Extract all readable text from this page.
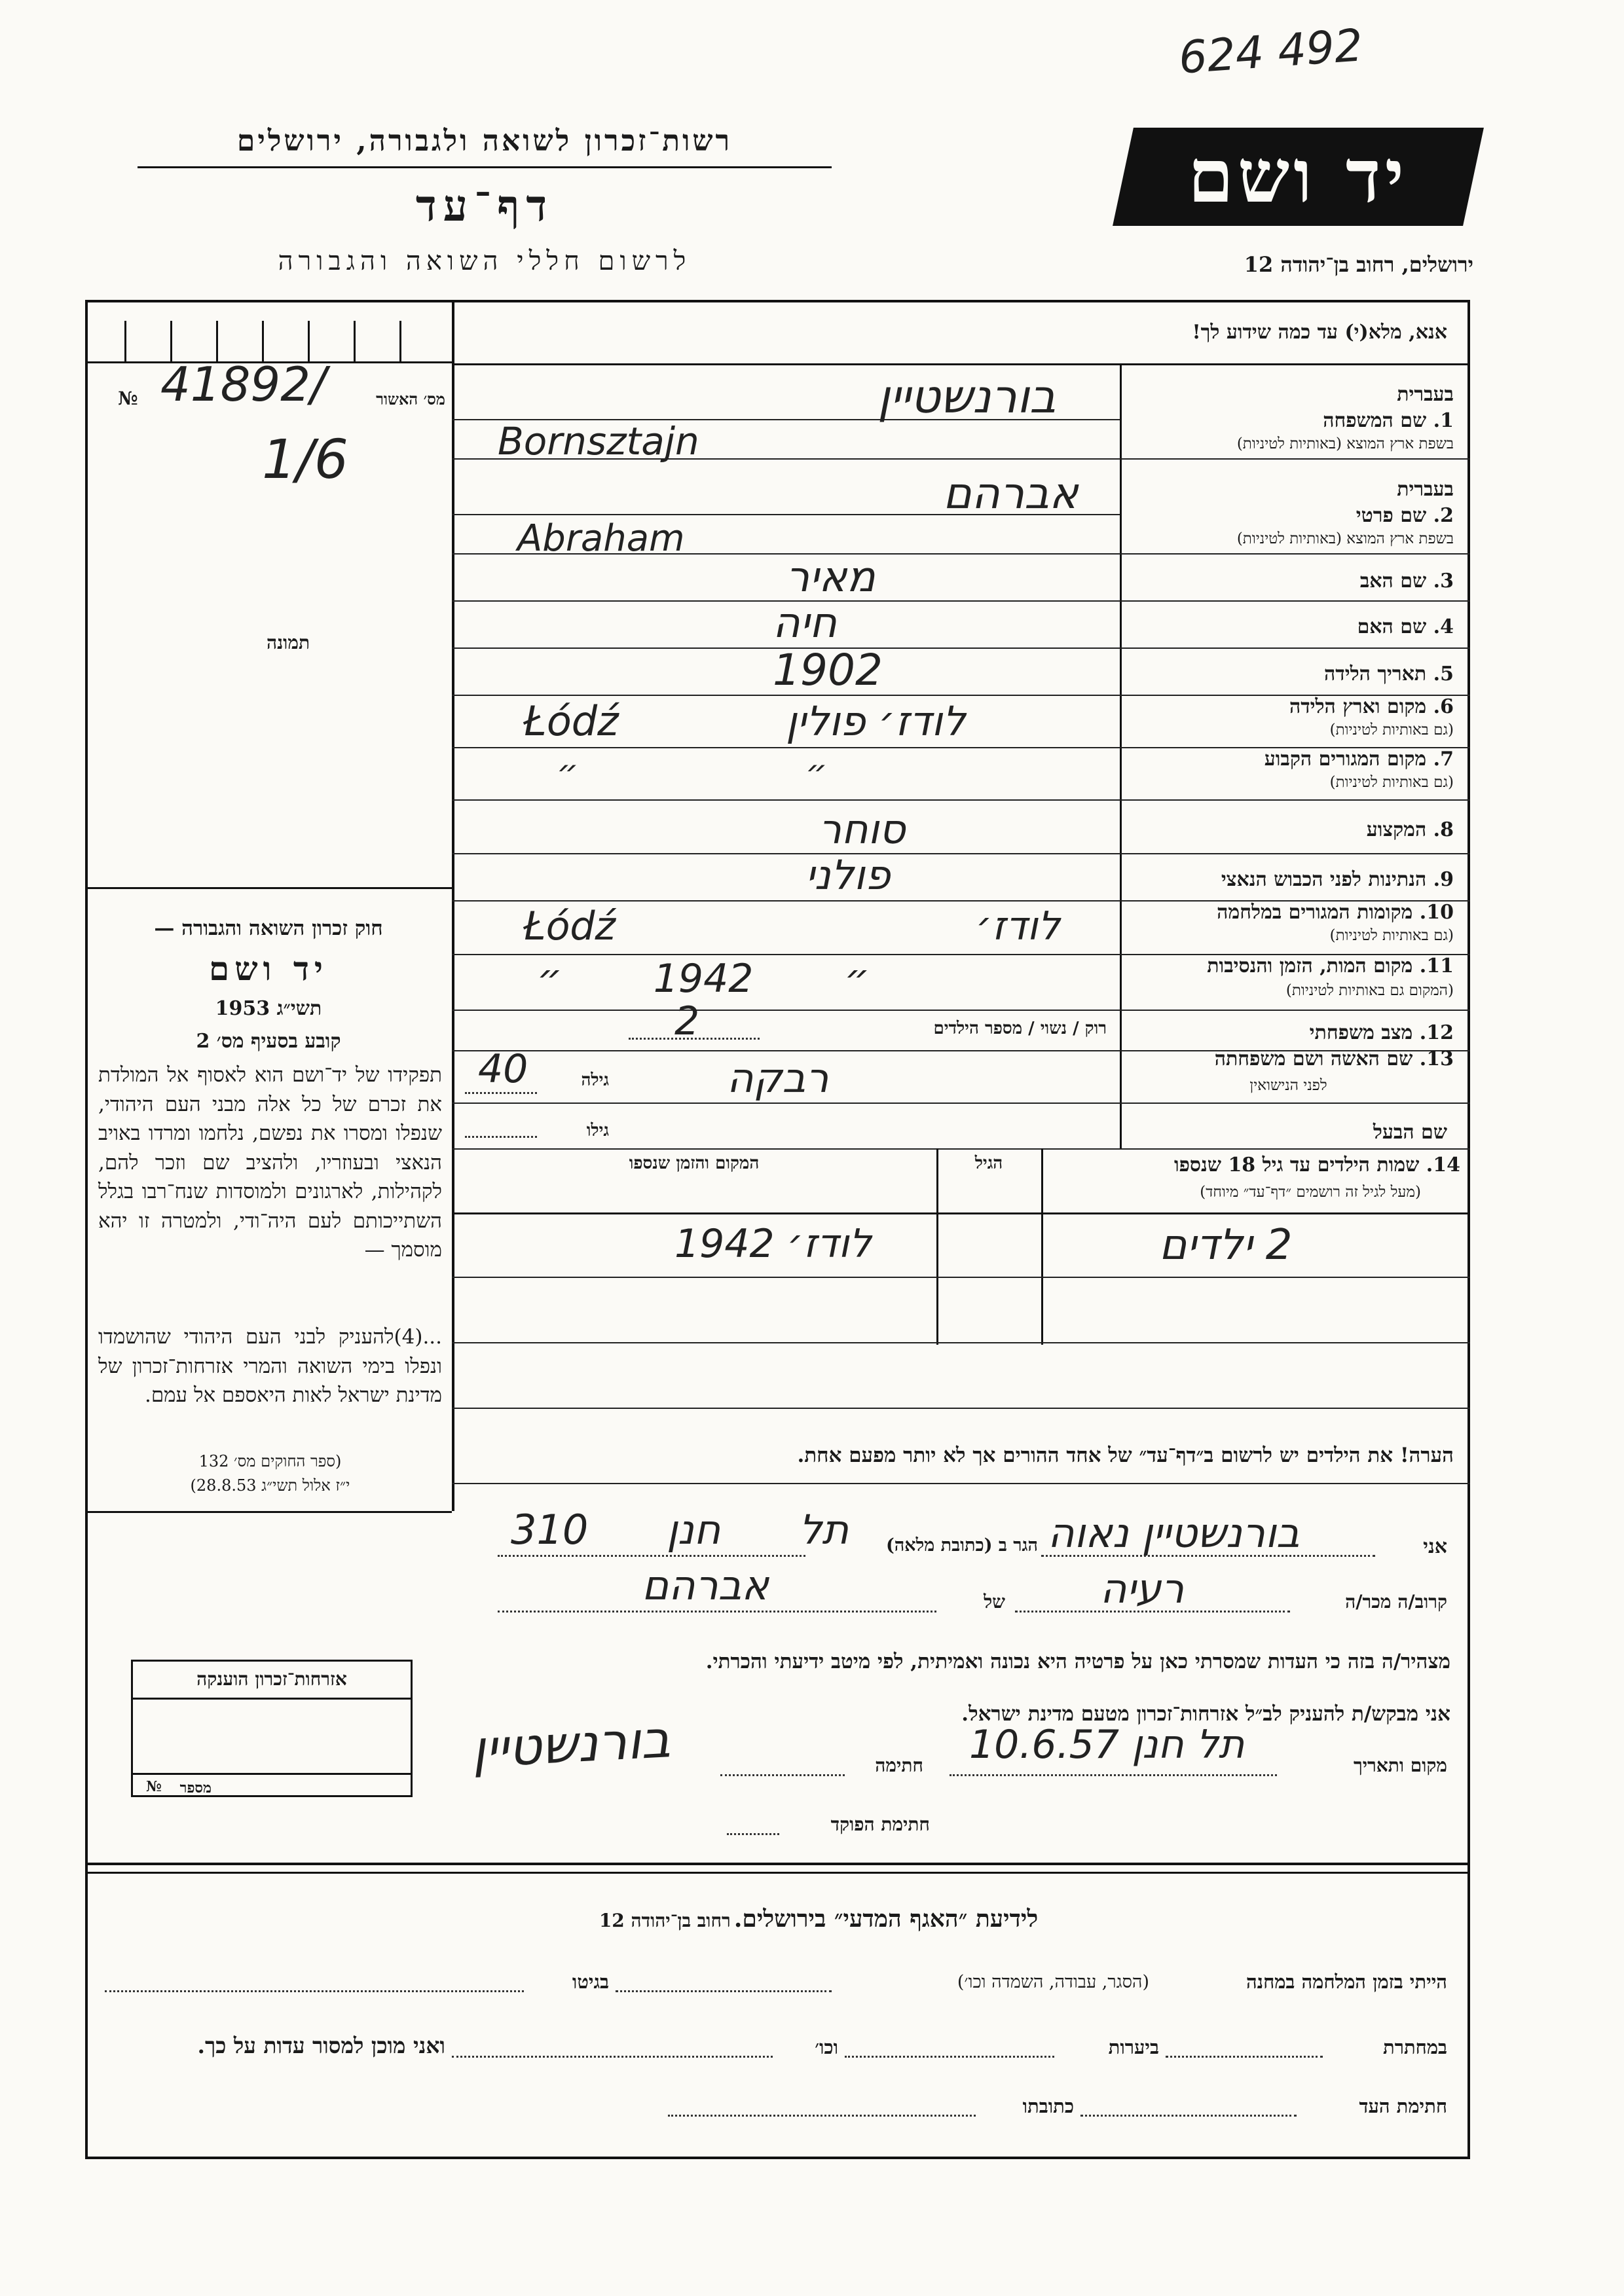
624 492
רשות־זכרון לשואה ולגבורה, ירושלים
דף־עד
לרשום חללי השואה והגבורה
יד ושם
ירושלים, רחוב בן־יהודה 12
אנא, מלא(י) עד כמה שידוע לך!
מס׳ האשור
№ 41892/
1/6
תמונה
חוק זכרון השואה והגבורה —
יד ושם
תשי״ג 1953
קובע בסעיף מס׳ 2
תפקידו של יד־ושם הוא לאסוף אל המולדת את זכרם של כל אלה מבני העם היהודי, שנפלו ומסרו את נפשם, נלחמו ומרדו באויב הנאצי ובעוזריו, ולהציב שם וזכר להם, לקהילות, לארגונים ולמוסדות שנח־רבו בגלל השתייכותם לעם היה־ודי, ולמטרה זו יהא מוסמך —
...(4)להעניק לבני העם היהודי שהושמדו ונפלו בימי השואה והמרי אזרחות־זכרון של מדינת ישראל לאות היאספם אל עמם.
(ספר החוקים מס׳ 132
י״ז אלול תשי״ג 28.8.53)
אזרחות־זכרון הוענקה
מספר
№
בעברית
1. שם המשפחה
בשפת ארץ המוצא (באותיות לטיניות)
בורנשטיין
Bornsztajn
בעברית
2. שם פרטי
בשפת ארץ המוצא (באותיות לטיניות)
אברהם
Abraham
3. שם האב
מאיר
4. שם האם
חיה
5. תאריך הלידה
1902
6. מקום וארץ הלידה
(גם באותיות לטיניות)
לודז׳ פולין
Łódź
7. מקום המגורים הקבוע
(גם באותיות לטיניות)
״ ״
8. המקצוע
סוחר
9. הנתינות לפני הכבוש הנאצי
פולני
10. מקומות המגורים במלחמה
(גם באותיות לטיניות)
לודז׳
Łódź
11. מקום המות, הזמן והנסיבות
(המקום גם באותיות לטיניות)
״ 1942 ״
12. מצב משפחתי
רוק / נשוי / מספר הילדים
2
13. שם האשה ושם משפחתה
לפני הנישואין
רבקה
גילה
40
שם הבעל
גילו
14. שמות הילדים עד גיל 18 שנספו
(מעל לגיל זה רושמים ״דף־עד״ מיוחד)
הגיל
המקום והזמן שנספו
2 ילדים
לודז׳ 1942
הערה! את הילדים יש לרשום ב״דף־עד״ של אחד ההורים אך לא יותר מפעם אחת.
אני
בורנשטיין נאוה
הגר ב (כתובת מלאה)
תל חנן 310
קרוב/ה מכר/ה
רעיה
של
אברהם
מצהיר/ה בזה כי העדות שמסרתי כאן על פרטיה היא נכונה ואמיתית, לפי מיטב ידיעתי והכרתי.
אני מבקש/ת להעניק לב״ל אזרחות־זכרון מטעם מדינת ישראל.
מקום ותאריך
תל חנן 10.6.57
חתימה
בורנשטיין
חתימת הפוקד
לידיעת ״האגף המדעי״ בירושלים. רחוב בן־יהודה 12
הייתי בזמן המלחמה במחנה
(הסגר, עבודה, השמדה וכו׳)
בגיטו
במחתרת
ביערות
וכו׳
ואני מוכן למסור עדות על כך.
חתימת העד
כתובתו
